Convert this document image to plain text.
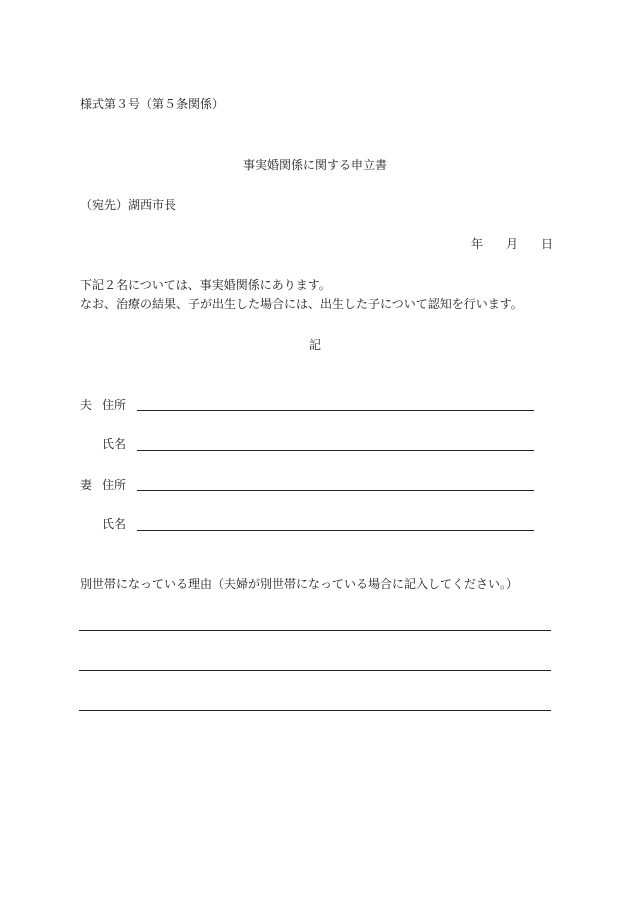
様式第３号（第５条関係）
事実婚関係に関する申立書
（宛先）湖西市長
年 月 日
下記２名については、事実婚関係にあります。
なお、治療の結果、子が出生した場合には、出生した子について認知を行います。
記
夫 住所
氏名
妻 住所
氏名
別世帯になっている理由（夫婦が別世帯になっている場合に記入してください。）
